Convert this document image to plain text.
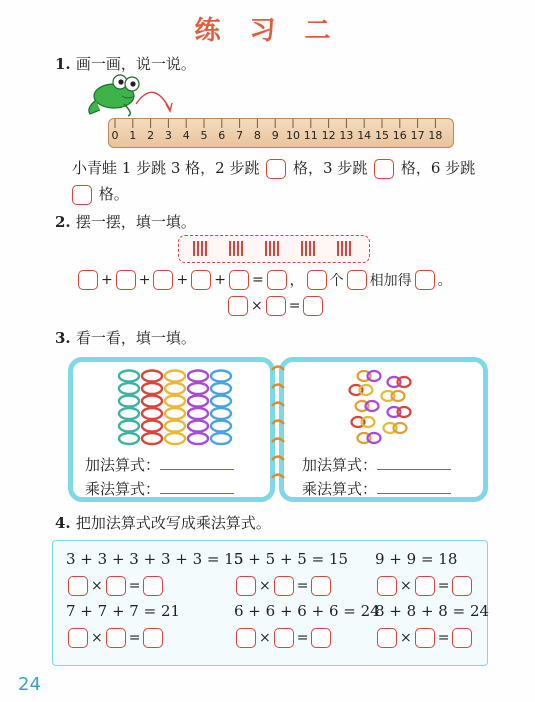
练 习 二
1. 画一画，说一说。
0 1 2 3 4 5 6 7 8 9 10 11 12 13 14 15 16 17 18
小青蛙 1 步跳 3 格，2 步跳 格，3 步跳 格，6 步跳
格。
2. 摆一摆，填一填。
+ + + + = ， 个 相加得 。
× =
3. 看一看，填一填。
加法算式：
乘法算式：
加法算式：
乘法算式：
4. 把加法算式改写成乘法算式。
3 + 3 + 3 + 3 + 3 = 15
× =
5 + 5 + 5 = 15
× =
9 + 9 = 18
× =
7 + 7 + 7 = 21
× =
6 + 6 + 6 + 6 = 24
× =
8 + 8 + 8 = 24
× =
24
